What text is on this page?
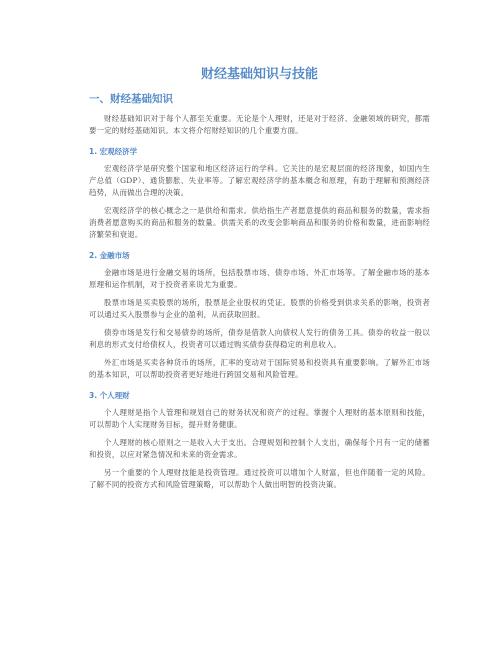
财经基础知识与技能
一、财经基础知识

财经基础知识对于每个人都至关重要。无论是个人理财，还是对于经济、金融领域的研究，都需要一定的财经基础知识。本文将介绍财经知识的几个重要方面。

1. 宏观经济学

宏观经济学是研究整个国家和地区经济运行的学科。它关注的是宏观层面的经济现象，如国内生产总值（GDP）、通货膨胀、失业率等。了解宏观经济学的基本概念和原理，有助于理解和预测经济趋势，从而做出合理的决策。

宏观经济学的核心概念之一是供给和需求。供给指生产者愿意提供的商品和服务的数量，需求指消费者愿意购买的商品和服务的数量。供需关系的改变会影响商品和服务的价格和数量，进而影响经济繁荣和衰退。

2. 金融市场

金融市场是进行金融交易的场所，包括股票市场、债券市场、外汇市场等。了解金融市场的基本原理和运作机制，对于投资者来说尤为重要。

股票市场是买卖股票的场所，股票是企业股权的凭证。股票的价格受到供求关系的影响，投资者可以通过买入股票参与企业的盈利，从而获取回报。

债券市场是发行和交易债券的场所，债券是借款人向债权人发行的债务工具。债券的收益一般以利息的形式支付给债权人，投资者可以通过购买债券获得稳定的利息收入。

外汇市场是买卖各种货币的场所，汇率的变动对于国际贸易和投资具有重要影响。了解外汇市场的基本知识，可以帮助投资者更好地进行跨国交易和风险管理。

3. 个人理财

个人理财是指个人管理和规划自己的财务状况和资产的过程。掌握个人理财的基本原则和技能，可以帮助个人实现财务目标，提升财务健康。

个人理财的核心原则之一是收入大于支出。合理规划和控制个人支出，确保每个月有一定的储蓄和投资，以应对紧急情况和未来的资金需求。

另一个重要的个人理财技能是投资管理。通过投资可以增加个人财富，但也伴随着一定的风险。了解不同的投资方式和风险管理策略，可以帮助个人做出明智的投资决策。
